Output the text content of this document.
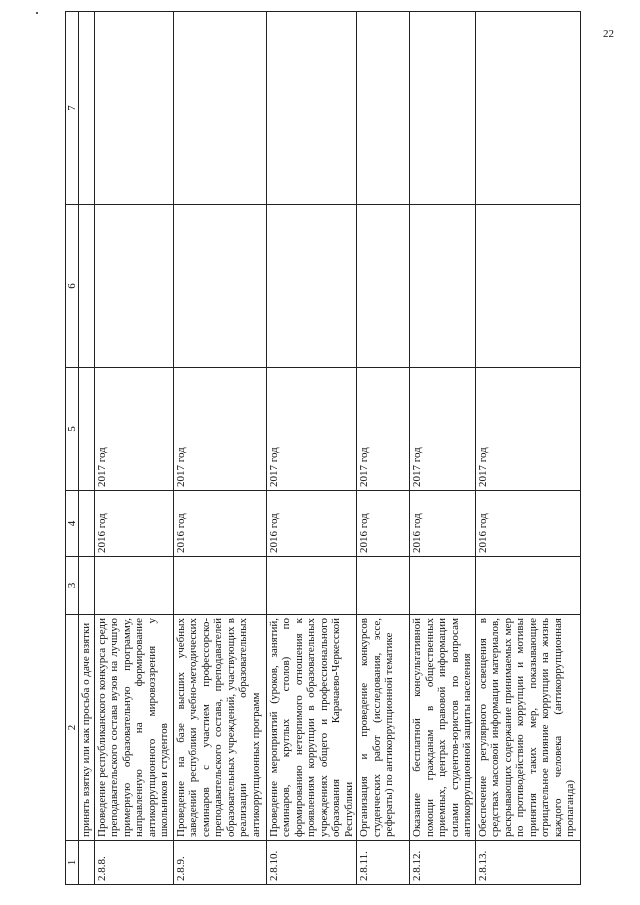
22
1	2	3	4	5	6	7
	принять взятку или как просьба о даче взятки					
2.8.8.	Проведение республиканского конкурса среди преподавательского состава вузов на лучшую примерную образовательную программу, направленную на формирование антикоррупционного мировоззрения у школьников и студентов		2016 год	2017 год		
2.8.9.	Проведение на базе высших учебных заведений республики учебно-методических семинаров с участием профессорско-преподавательского состава, преподавателей образовательных учреждений, участвующих в реализации образовательных антикоррупционных программ		2016 год	2017 год		
2.8.10.	Проведение мероприятий (уроков, занятий, семинаров, круглых столов) по формированию нетерпимого отношения к проявлениям коррупции в образовательных учреждениях общего и профессионального образования Карачаево-Черкесской Республики		2016 год	2017 год		
2.8.11.	Организация и проведение конкурсов студенческих работ (исследования, эссе, рефераты) по антикоррупционной тематике		2016 год	2017 год		
2.8.12.	Оказание бесплатной консультативной помощи гражданам в общественных приемных, центрах правовой информации силами студентов-юристов по вопросам антикоррупционной защиты населения		2016 год	2017 год		
2.8.13.	Обеспечение регулярного освещения в средствах массовой информации материалов, раскрывающих содержание принимаемых мер по противодействию коррупции и мотивы принятия таких мер, показывающие отрицательное влияние коррупции на жизнь каждого человека (антикоррупционная пропаганда)		2016 год	2017 год		
